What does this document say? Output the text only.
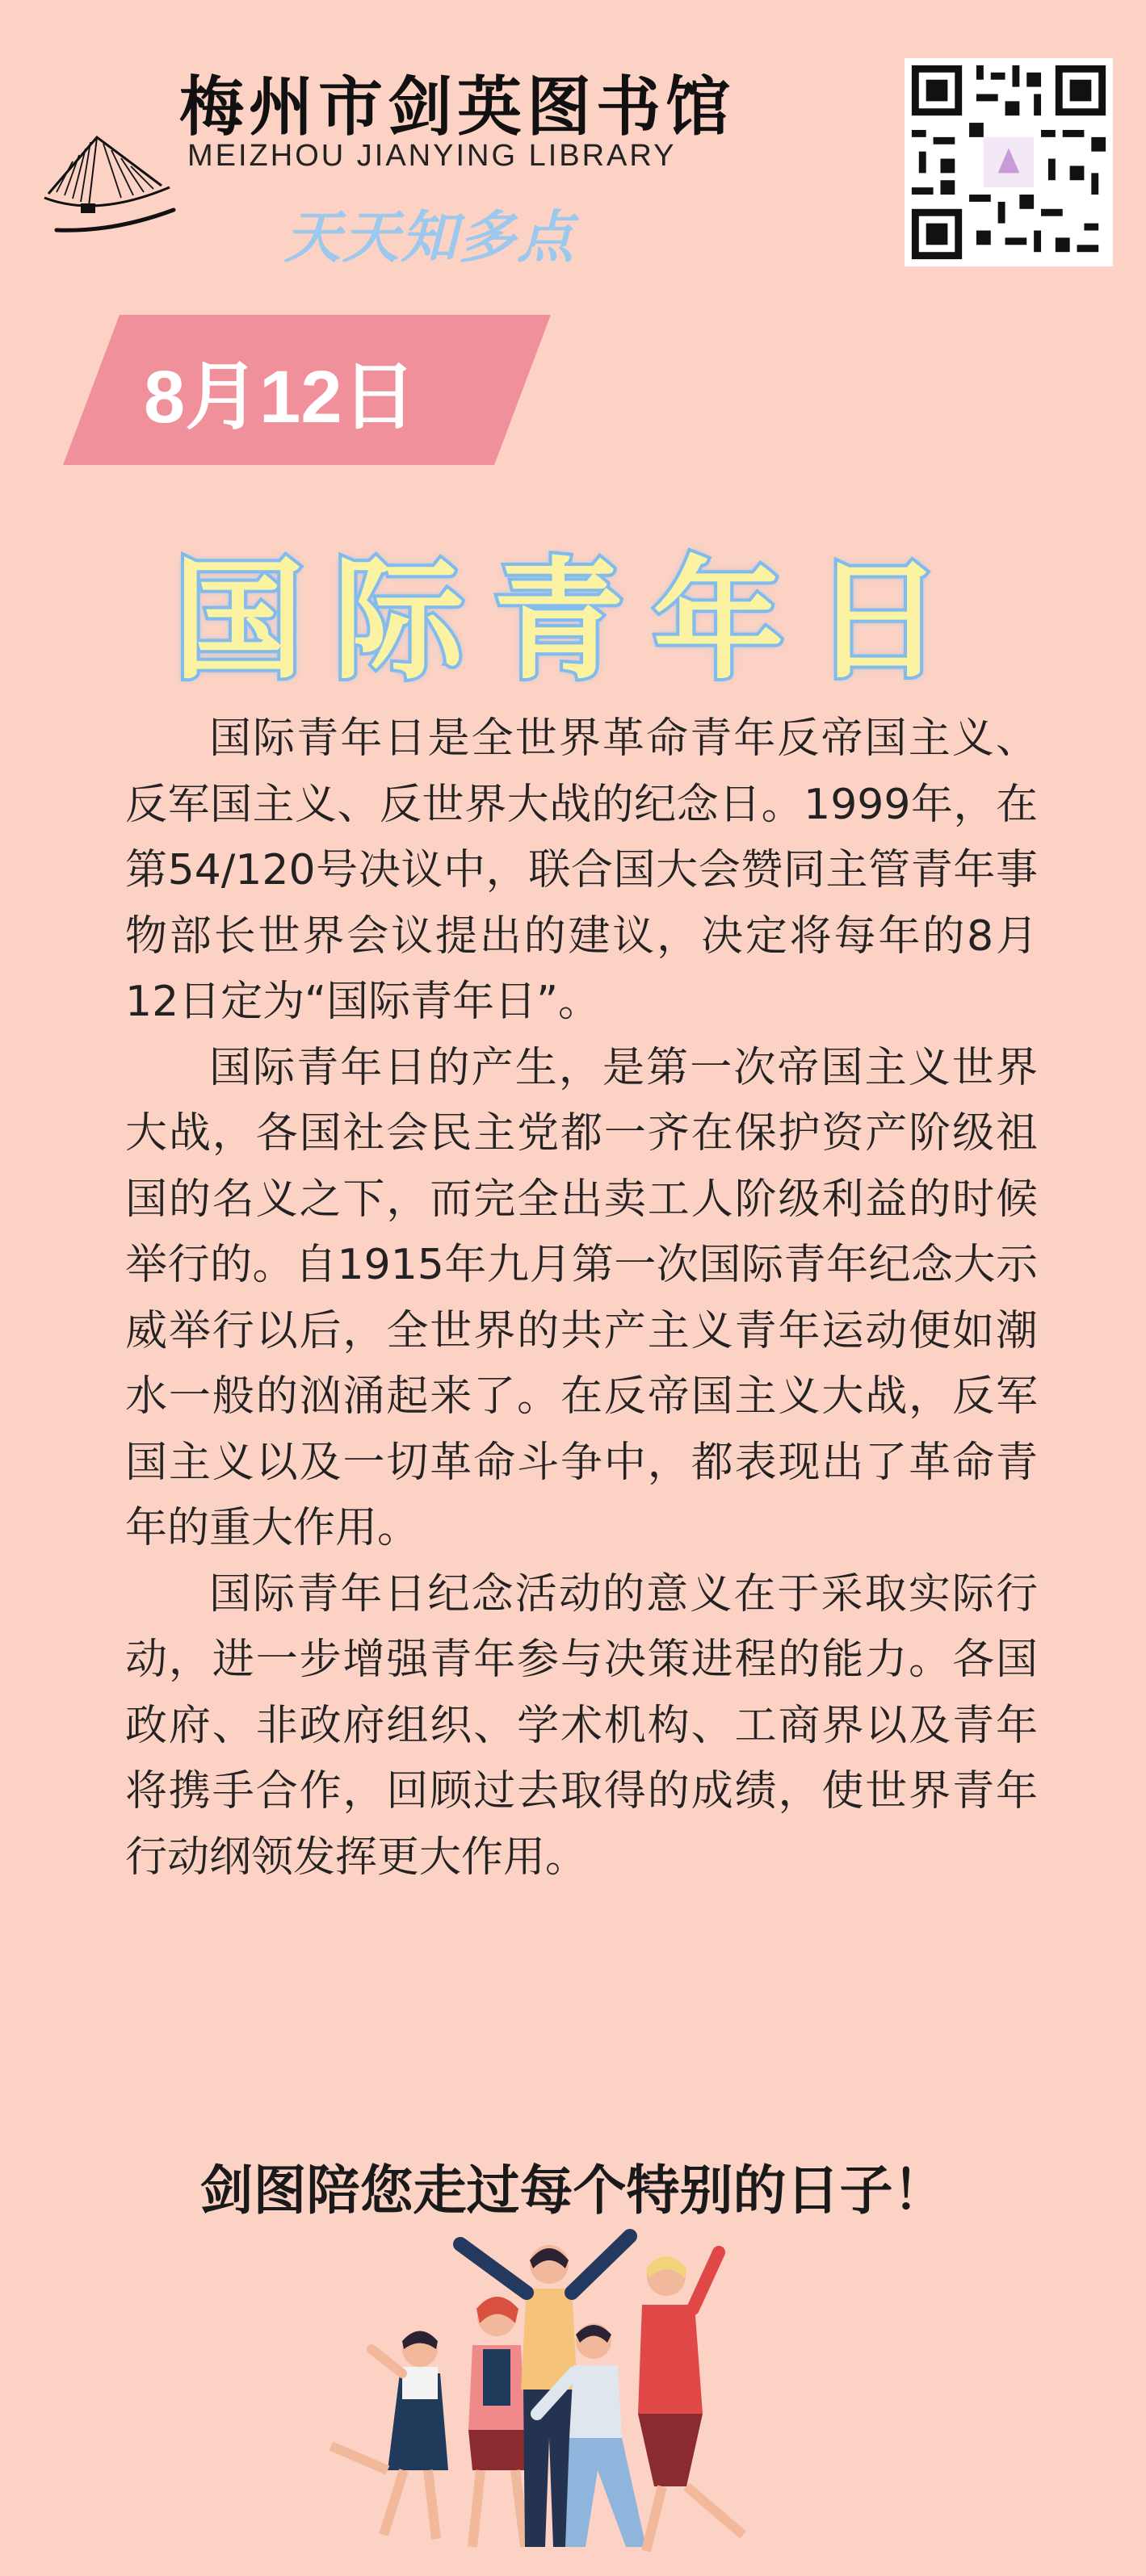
梅州市剑英图书馆
MEIZHOU JIANYING LIBRARY
天天知多点
8月12日
国际青年日

国际青年日是全世界革命青年反帝国主义、反军国主义、反世界大战的纪念日。1999年，在第54/120号决议中，联合国大会赞同主管青年事物部长世界会议提出的建议，决定将每年的8月12日定为“国际青年日”。

国际青年日的产生，是第一次帝国主义世界大战，各国社会民主党都一齐在保护资产阶级祖国的名义之下，而完全出卖工人阶级利益的时候举行的。自1915年九月第一次国际青年纪念大示威举行以后，全世界的共产主义青年运动便如潮水一般的汹涌起来了。在反帝国主义大战，反军国主义以及一切革命斗争中，都表现出了革命青年的重大作用。

国际青年日纪念活动的意义在于采取实际行动，进一步增强青年参与决策进程的能力。各国政府、非政府组织、学术机构、工商界以及青年将携手合作，回顾过去取得的成绩，使世界青年行动纲领发挥更大作用。

剑图陪您走过每个特别的日子！
